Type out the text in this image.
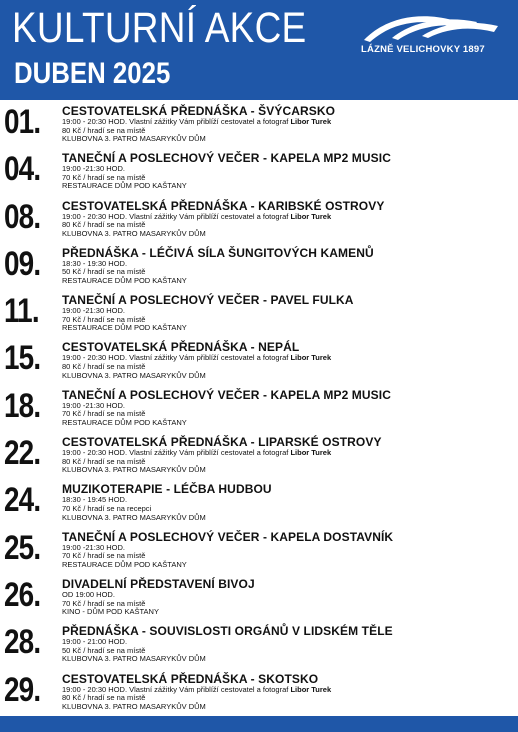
KULTURNÍ AKCE
DUBEN 2025
LÁZNĚ VELICHOVKY 1897
01.	CESTOVATELSKÁ PŘEDNÁŠKA - ŠVÝCARSKO
19:00 - 20:30 HOD. Vlastní zážitky Vám přiblíží cestovatel a fotograf Libor Turek
80 Kč / hradí se na místě
KLUBOVNA 3. PATRO MASARYKŮV DŮM
04.	TANEČNÍ A POSLECHOVÝ VEČER - KAPELA MP2 MUSIC
19:00 -21:30 HOD.
70 Kč / hradí se na místě
RESTAURACE DŮM POD KAŠTANY
08.	CESTOVATELSKÁ PŘEDNÁŠKA - KARIBSKÉ OSTROVY
19:00 - 20:30 HOD. Vlastní zážitky Vám přiblíží cestovatel a fotograf Libor Turek
80 Kč / hradí se na místě
KLUBOVNA 3. PATRO MASARYKŮV DŮM
09.	PŘEDNÁŠKA - LÉČIVÁ SÍLA ŠUNGITOVÝCH KAMENŮ
18:30 - 19:30 HOD.
50 Kč / hradí se na místě
RESTAURACE DŮM POD KAŠTANY
11.	TANEČNÍ A POSLECHOVÝ VEČER - PAVEL FULKA
19:00 -21:30 HOD.
70 Kč / hradí se na místě
RESTAURACE DŮM POD KAŠTANY
15.	CESTOVATELSKÁ PŘEDNÁŠKA - NEPÁL
19:00 - 20:30 HOD. Vlastní zážitky Vám přiblíží cestovatel a fotograf Libor Turek
80 Kč / hradí se na místě
KLUBOVNA 3. PATRO MASARYKŮV DŮM
18.	TANEČNÍ A POSLECHOVÝ VEČER - KAPELA MP2 MUSIC
19:00 -21:30 HOD.
70 Kč / hradí se na místě
RESTAURACE DŮM POD KAŠTANY
22.	CESTOVATELSKÁ PŘEDNÁŠKA - LIPARSKÉ OSTROVY
19:00 - 20:30 HOD. Vlastní zážitky Vám přiblíží cestovatel a fotograf Libor Turek
80 Kč / hradí se na místě
KLUBOVNA 3. PATRO MASARYKŮV DŮM
24.	MUZIKOTERAPIE - LÉČBA HUDBOU
18:30 - 19:45 HOD.
70 Kč / hradí se na recepci
KLUBOVNA 3. PATRO MASARYKŮV DŮM
25.	TANEČNÍ A POSLECHOVÝ VEČER - KAPELA DOSTAVNÍK
19:00 -21:30 HOD.
70 Kč / hradí se na místě
RESTAURACE DŮM POD KAŠTANY
26.	DIVADELNÍ PŘEDSTAVENÍ BIVOJ
OD 19:00 HOD.
70 Kč / hradí se na místě
KINO - DŮM POD KAŠTANY
28.	PŘEDNÁŠKA - SOUVISLOSTI ORGÁNŮ V LIDSKÉM TĚLE
19:00 - 21:00 HOD.
50 Kč / hradí se na místě
KLUBOVNA 3. PATRO MASARYKŮV DŮM
29.	CESTOVATELSKÁ PŘEDNÁŠKA - SKOTSKO
19:00 - 20:30 HOD. Vlastní zážitky Vám přiblíží cestovatel a fotograf Libor Turek
80 Kč / hradí se na místě
KLUBOVNA 3. PATRO MASARYKŮV DŮM
